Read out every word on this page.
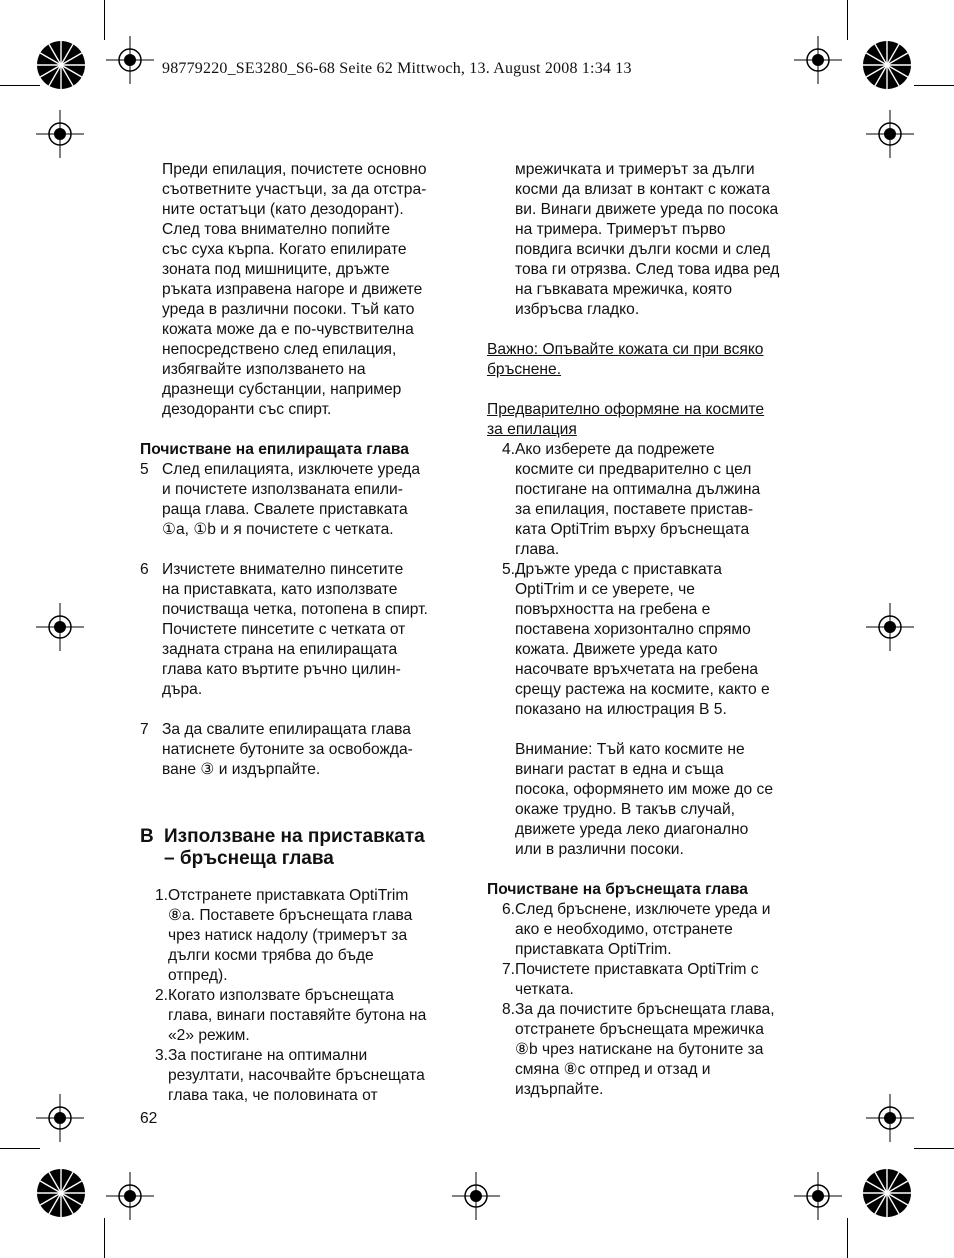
98779220_SE3280_S6-68 Seite 62 Mittwoch, 13. August 2008 1:34 13

Преди епилация, почистете основно
съответните участъци, за да отстра-
ните остатъци (като дезодорант).
След това внимателно попийте
със суха кърпа. Когато епилирате
зоната под мишниците, дръжте
ръката изправена нагоре и движете
уреда в различни посоки. Тъй като
кожата може да е по-чувствителна
непосредствено след епилация,
избягвайте използването на
дразнещи субстанции, например
дезодоранти със спирт.

Почистване на епилиращата глава

5 След епилацията, изключете уреда
и почистете използваната епили-
раща глава. Свалете приставката
①a, ①b и я почистете с четката.
6 Изчистете внимателно пинсетите
на приставката, като използвате
почистваща четка, потопена в спирт.
Почистете пинсетите с четката от
задната страна на епилиращата
глава като въртите ръчно цилин-
дъра.
7 За да свалите епилиращата глава
натиснете бутоните за освобожда-
ване ③ и издърпайте.
B Използване на приставката
– бръснеща глава
1. Отстранете приставката OptiTrim
⑧a. Поставете бръснещата глава
чрез натиск надолу (тримерът за
дълги косми трябва до бъде
отпред).
2. Когато използвате бръснещата
глава, винаги поставяйте бутона на
«2» режим.
3. За постигане на оптимални
резултати, насочвайте бръснещата
глава така, че половината от

мрежичката и тримерът за дълги
косми да влизат в контакт с кожата
ви. Винаги движете уреда по посока
на тримера. Тримерът първо
повдига всички дълги косми и след
това ги отрязва. След това идва ред
на гъвкавата мрежичка, която
избръсва гладко.

Важно: Опъвайте кожата си при всяко
бръснене.

Предварително оформяне на космите
за епилация

4. Ако изберете да подрежете
космите си предварително с цел
постигане на оптимална дължина
за епилация, поставете пристав-
ката OptiTrim върху бръснещата
глава.
5. Дръжте уреда с приставката
OptiTrim и се уверете, че
повърхността на гребена е
поставена хоризонтално спрямо
кожата. Движете уреда като
насочвате връхчетата на гребена
срещу растежа на космите, както е
показано на илюстрация B 5.

Внимание: Тъй като космите не
винаги растат в една и съща
посока, оформянето им може до се
окаже трудно. В такъв случай,
движете уреда леко диагонално
или в различни посоки.

Почистване на бръснещата глава

6. След бръснене, изключете уреда и
ако е необходимо, отстранете
приставката OptiTrim.
7. Почистете приставката OptiTrim с
четката.
8. За да почистите бръснещата глава,
отстранете бръснещата мрежичка
⑧b чрез натискане на бутоните за
смяна ⑧c отпред и отзад и
издърпайте.
62
